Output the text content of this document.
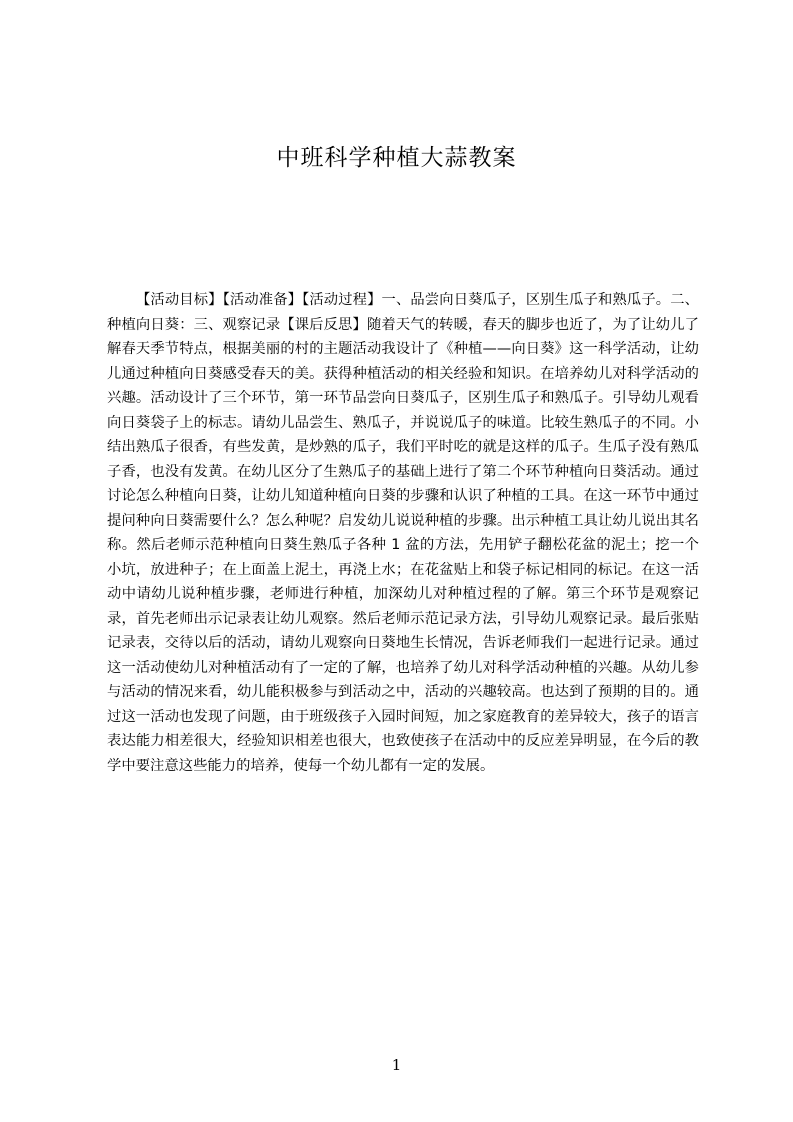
中班科学种植大蒜教案

【活动目标】【活动准备】【活动过程】一、品尝向日葵瓜子，区别生瓜子和熟瓜子。二、种植向日葵：三、观察记录【课后反思】随着天气的转暖，春天的脚步也近了，为了让幼儿了解春天季节特点，根据美丽的村的主题活动我设计了《种植——向日葵》这一科学活动，让幼儿通过种植向日葵感受春天的美。获得种植活动的相关经验和知识。在培养幼儿对科学活动的兴趣。活动设计了三个环节，第一环节品尝向日葵瓜子，区别生瓜子和熟瓜子。引导幼儿观看向日葵袋子上的标志。请幼儿品尝生、熟瓜子，并说说瓜子的味道。比较生熟瓜子的不同。小结出熟瓜子很香，有些发黄，是炒熟的瓜子，我们平时吃的就是这样的瓜子。生瓜子没有熟瓜子香，也没有发黄。在幼儿区分了生熟瓜子的基础上进行了第二个环节种植向日葵活动。通过讨论怎么种植向日葵，让幼儿知道种植向日葵的步骤和认识了种植的工具。在这一环节中通过提问种向日葵需要什么？怎么种呢？启发幼儿说说种植的步骤。出示种植工具让幼儿说出其名称。然后老师示范种植向日葵生熟瓜子各种 1 盆的方法，先用铲子翻松花盆的泥土；挖一个小坑，放进种子；在上面盖上泥土，再浇上水；在花盆贴上和袋子标记相同的标记。在这一活动中请幼儿说种植步骤，老师进行种植，加深幼儿对种植过程的了解。第三个环节是观察记录，首先老师出示记录表让幼儿观察。然后老师示范记录方法，引导幼儿观察记录。最后张贴记录表，交待以后的活动，请幼儿观察向日葵地生长情况，告诉老师我们一起进行记录。通过这一活动使幼儿对种植活动有了一定的了解，也培养了幼儿对科学活动种植的兴趣。从幼儿参与活动的情况来看，幼儿能积极参与到活动之中，活动的兴趣较高。也达到了预期的目的。通过这一活动也发现了问题，由于班级孩子入园时间短，加之家庭教育的差异较大，孩子的语言表达能力相差很大，经验知识相差也很大，也致使孩子在活动中的反应差异明显，在今后的教学中要注意这些能力的培养，使每一个幼儿都有一定的发展。

1
